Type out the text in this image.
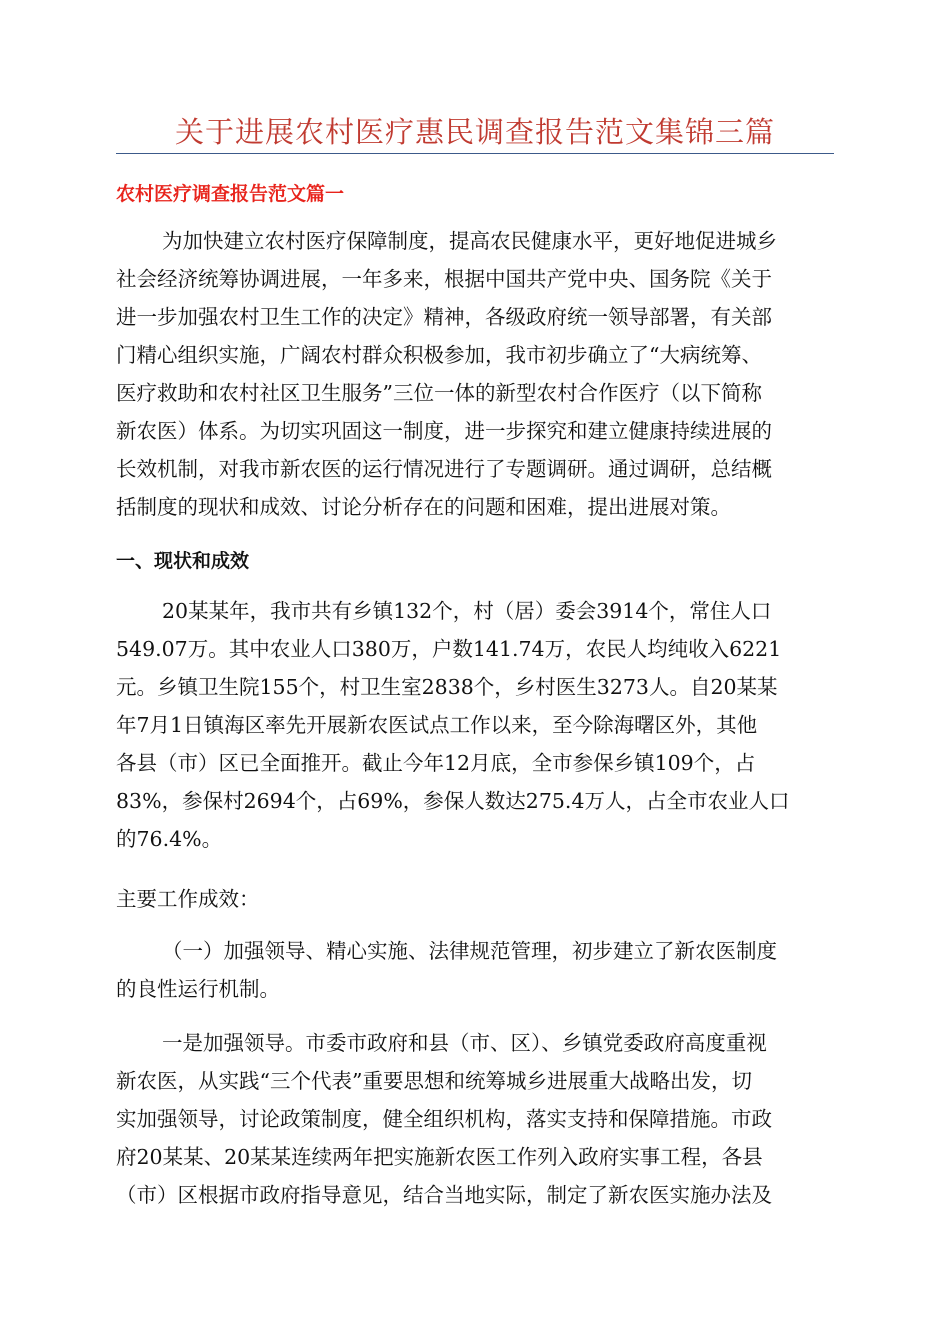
关于进展农村医疗惠民调查报告范文集锦三篇
农村医疗调查报告范文篇一
为加快建立农村医疗保障制度，提高农民健康水平，更好地促进城乡
社会经济统筹协调进展，一年多来，根据中国共产党中央、国务院《关于
进一步加强农村卫生工作的决定》精神，各级政府统一领导部署，有关部
门精心组织实施，广阔农村群众积极参加，我市初步确立了“大病统筹、
医疗救助和农村社区卫生服务”三位一体的新型农村合作医疗（以下简称
新农医）体系。为切实巩固这一制度，进一步探究和建立健康持续进展的
长效机制，对我市新农医的运行情况进行了专题调研。通过调研，总结概
括制度的现状和成效、讨论分析存在的问题和困难，提出进展对策。
一、现状和成效
20某某年，我市共有乡镇132个，村（居）委会3914个，常住人口
549.07万。其中农业人口380万，户数141.74万，农民人均纯收入6221
元。乡镇卫生院155个，村卫生室2838个，乡村医生3273人。自20某某
年7月1日镇海区率先开展新农医试点工作以来，至今除海曙区外，其他
各县（市）区已全面推开。截止今年12月底，全市参保乡镇109个，占
83%，参保村2694个，占69%，参保人数达275.4万人，占全市农业人口
的76.4%。
主要工作成效：
（一）加强领导、精心实施、法律规范管理，初步建立了新农医制度
的良性运行机制。
一是加强领导。市委市政府和县（市、区）、乡镇党委政府高度重视
新农医，从实践“三个代表”重要思想和统筹城乡进展重大战略出发，切
实加强领导，讨论政策制度，健全组织机构，落实支持和保障措施。市政
府20某某、20某某连续两年把实施新农医工作列入政府实事工程，各县
（市）区根据市政府指导意见，结合当地实际，制定了新农医实施办法及
